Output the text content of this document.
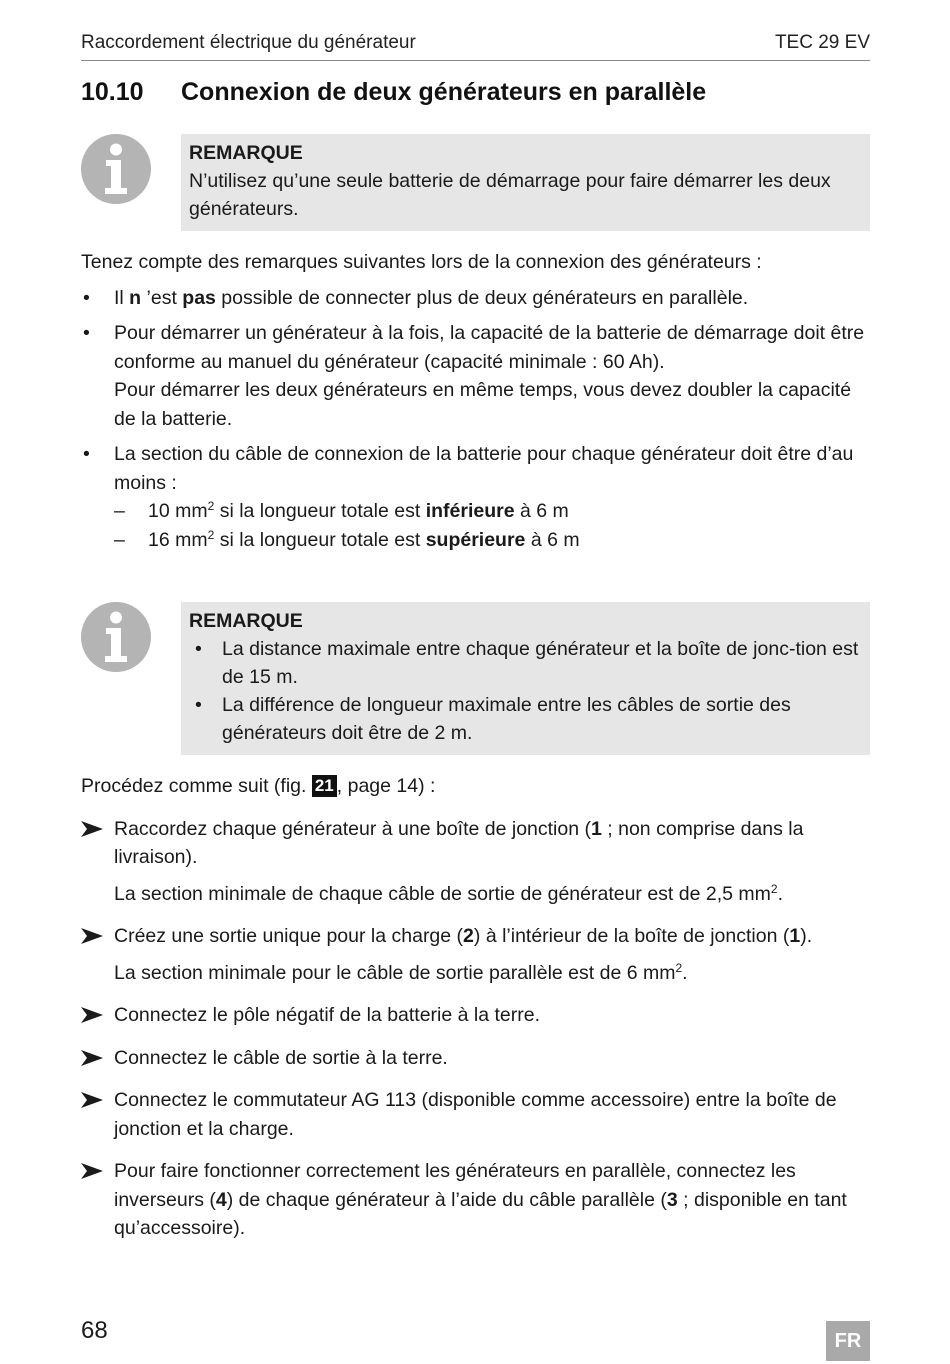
Raccordement électrique du générateur	TEC 29 EV
10.10 Connexion de deux générateurs en parallèle
REMARQUE
N’utilisez qu’une seule batterie de démarrage pour faire démarrer les deux générateurs.
Tenez compte des remarques suivantes lors de la connexion des générateurs :
• Il n ’est pas possible de connecter plus de deux générateurs en parallèle.
• Pour démarrer un générateur à la fois, la capacité de la batterie de démarrage doit être conforme au manuel du générateur (capacité minimale : 60 Ah).
Pour démarrer les deux générateurs en même temps, vous devez doubler la capacité de la batterie.
• La section du câble de connexion de la batterie pour chaque générateur doit être d’au moins :
– 10 $mm^2$ si la longueur totale est inférieure à 6 m
– 16 $mm^2$ si la longueur totale est supérieure à 6 m
REMARQUE
• La distance maximale entre chaque générateur et la boîte de jonc-tion est de 15 m.
• La différence de longueur maximale entre les câbles de sortie des générateurs doit être de 2 m.
Procédez comme suit (fig. 21 , page 14) :
Raccordez chaque générateur à une boîte de jonction (1 ; non comprise dans la livraison).
La section minimale de chaque câble de sortie de générateur est de 2,5 $mm^2$.
Créez une sortie unique pour la charge (2) à l’intérieur de la boîte de jonction (1).
La section minimale pour le câble de sortie parallèle est de 6 $mm^2$.
Connectez le pôle négatif de la batterie à la terre.
Connectez le câble de sortie à la terre.
Connectez le commutateur AG 113 (disponible comme accessoire) entre la boîte de jonction et la charge.
Pour faire fonctionner correctement les générateurs en parallèle, connectez les inverseurs (4) de chaque générateur à l’aide du câble parallèle (3 ; disponible en tant qu’accessoire).
68	FR
